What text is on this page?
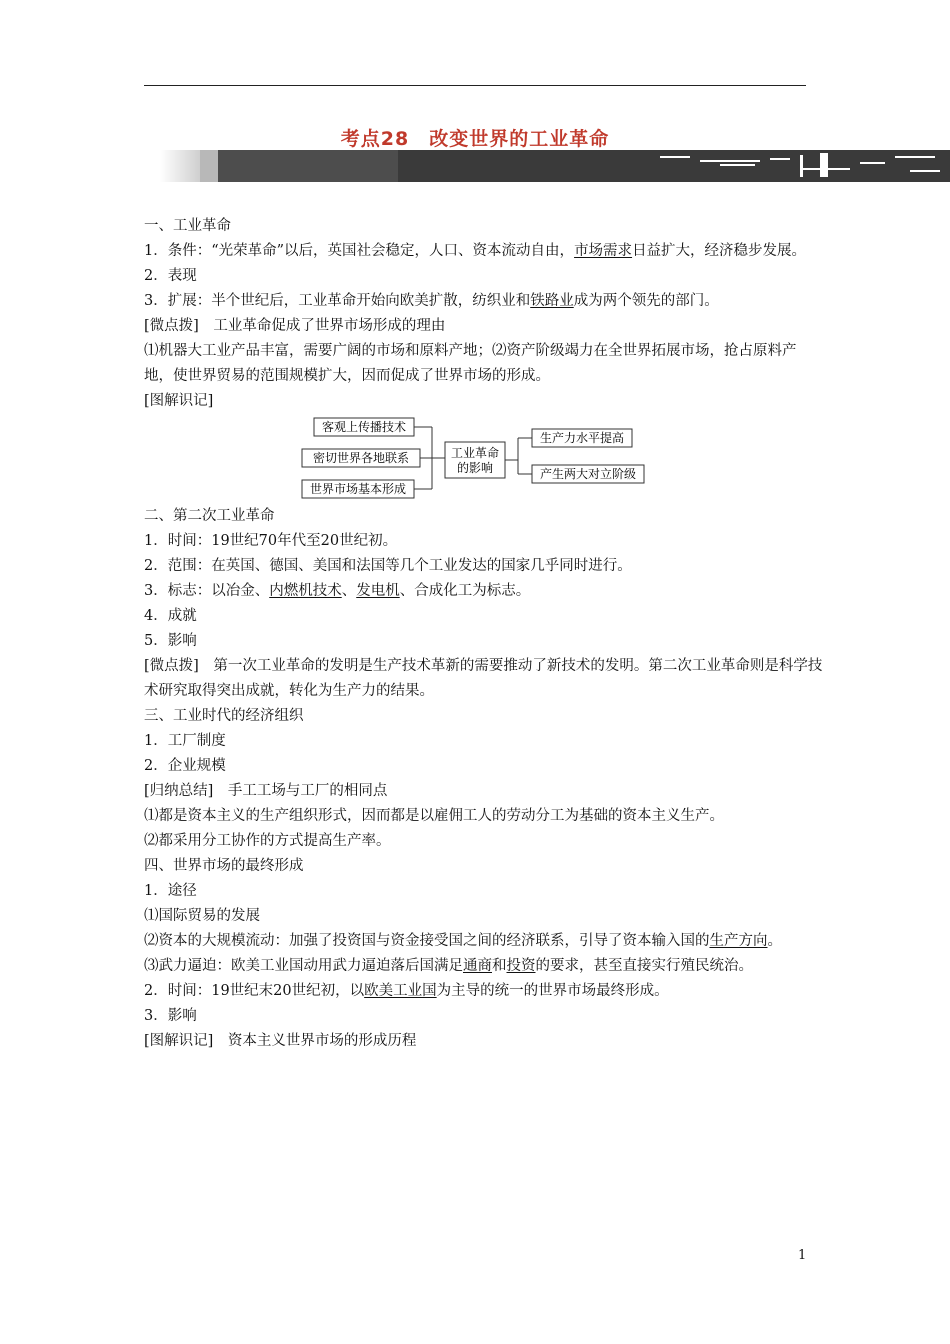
考点28　改变世界的工业革命

一、工业革命

1．条件：“光荣革命”以后，英国社会稳定，人口、资本流动自由，市场需求日益扩大，经济稳步发展。

2．表现

3．扩展：半个世纪后，工业革命开始向欧美扩散，纺织业和铁路业成为两个领先的部门。

[微点拨]  工业革命促成了世界市场形成的理由

⑴机器大工业产品丰富，需要广阔的市场和原料产地；⑵资产阶级竭力在全世界拓展市场，抢占原料产地，使世界贸易的范围规模扩大，因而促成了世界市场的形成。

[图解识记]

客观上传播技术
密切世界各地联系
世界市场基本形成
工业革命
的影响
生产力水平提高
产生两大对立阶级

二、第二次工业革命

1．时间：19世纪70年代至20世纪初。

2．范围：在英国、德国、美国和法国等几个工业发达的国家几乎同时进行。

3．标志：以冶金、内燃机技术、发电机、合成化工为标志。

4．成就

5．影响

[微点拨]  第一次工业革命的发明是生产技术革新的需要推动了新技术的发明。第二次工业革命则是科学技术研究取得突出成就，转化为生产力的结果。

三、工业时代的经济组织

1．工厂制度

2．企业规模

[归纳总结]  手工工场与工厂的相同点

⑴都是资本主义的生产组织形式，因而都是以雇佣工人的劳动分工为基础的资本主义生产。

⑵都采用分工协作的方式提高生产率。

四、世界市场的最终形成

1．途径

⑴国际贸易的发展

⑵资本的大规模流动：加强了投资国与资金接受国之间的经济联系，引导了资本输入国的生产方向。

⑶武力逼迫：欧美工业国动用武力逼迫落后国满足通商和投资的要求，甚至直接实行殖民统治。

2．时间：19世纪末20世纪初，以欧美工业国为主导的统一的世界市场最终形成。

3．影响

[图解识记]  资本主义世界市场的形成历程

1
